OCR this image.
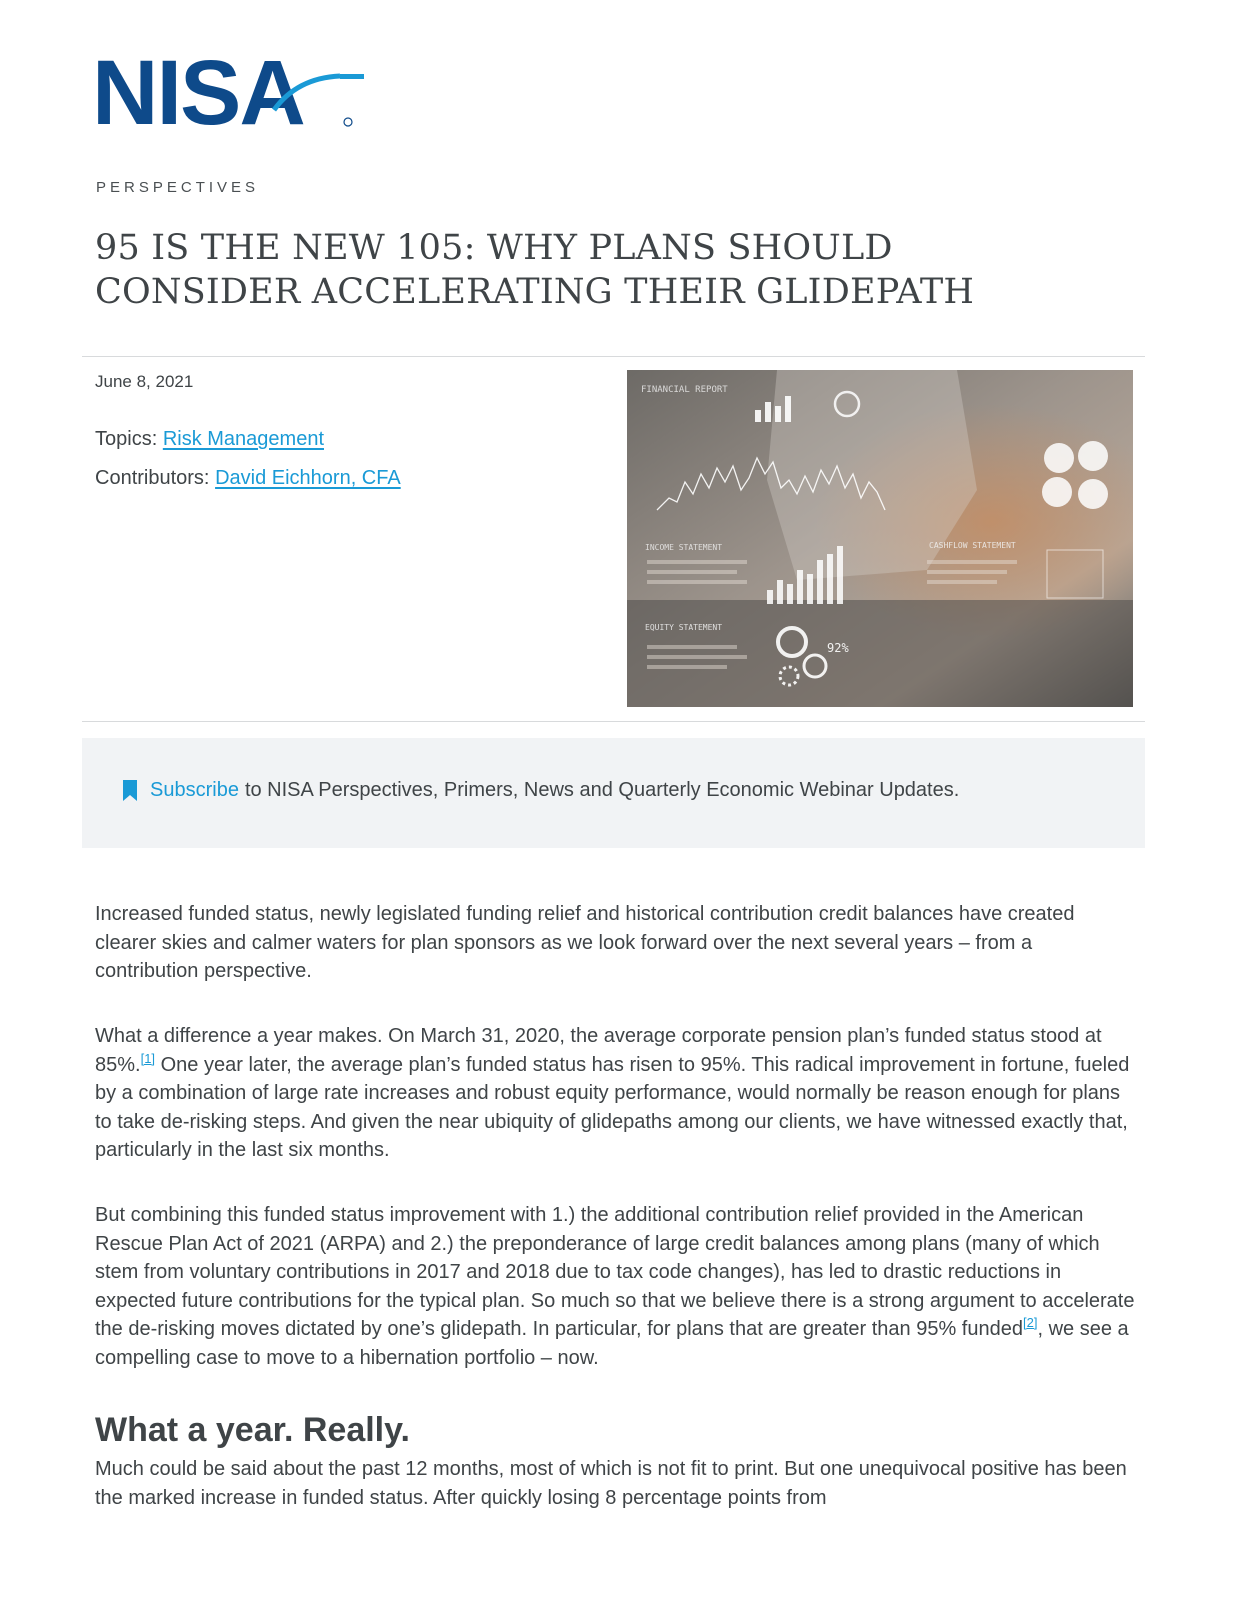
NISA
PERSPECTIVES
95 IS THE NEW 105: WHY PLANS SHOULD CONSIDER ACCELERATING THEIR GLIDEPATH

June 8, 2021

Topics: Risk Management

Contributors: David Eichhorn, CFA

FINANCIAL REPORT
INCOME STATEMENT	CASHFLOW STATEMENT
EQUITY STATEMENT
92%
Subscribe to NISA Perspectives, Primers, News and Quarterly Economic Webinar Updates.

Increased funded status, newly legislated funding relief and historical contribution credit balances have created clearer skies and calmer waters for plan sponsors as we look forward over the next several years – from a contribution perspective.

What a difference a year makes. On March 31, 2020, the average corporate pension plan’s funded status stood at 85%.[1] One year later, the average plan’s funded status has risen to 95%. This radical improvement in fortune, fueled by a combination of large rate increases and robust equity performance, would normally be reason enough for plans to take de-risking steps. And given the near ubiquity of glidepaths among our clients, we have witnessed exactly that, particularly in the last six months.

But combining this funded status improvement with 1.) the additional contribution relief provided in the American Rescue Plan Act of 2021 (ARPA) and 2.) the preponderance of large credit balances among plans (many of which stem from voluntary contributions in 2017 and 2018 due to tax code changes), has led to drastic reductions in expected future contributions for the typical plan. So much so that we believe there is a strong argument to accelerate the de-risking moves dictated by one’s glidepath. In particular, for plans that are greater than 95% funded[2], we see a compelling case to move to a hibernation portfolio – now.

What a year. Really.

Much could be said about the past 12 months, most of which is not fit to print. But one unequivocal positive has been the marked increase in funded status. After quickly losing 8 percentage points from
